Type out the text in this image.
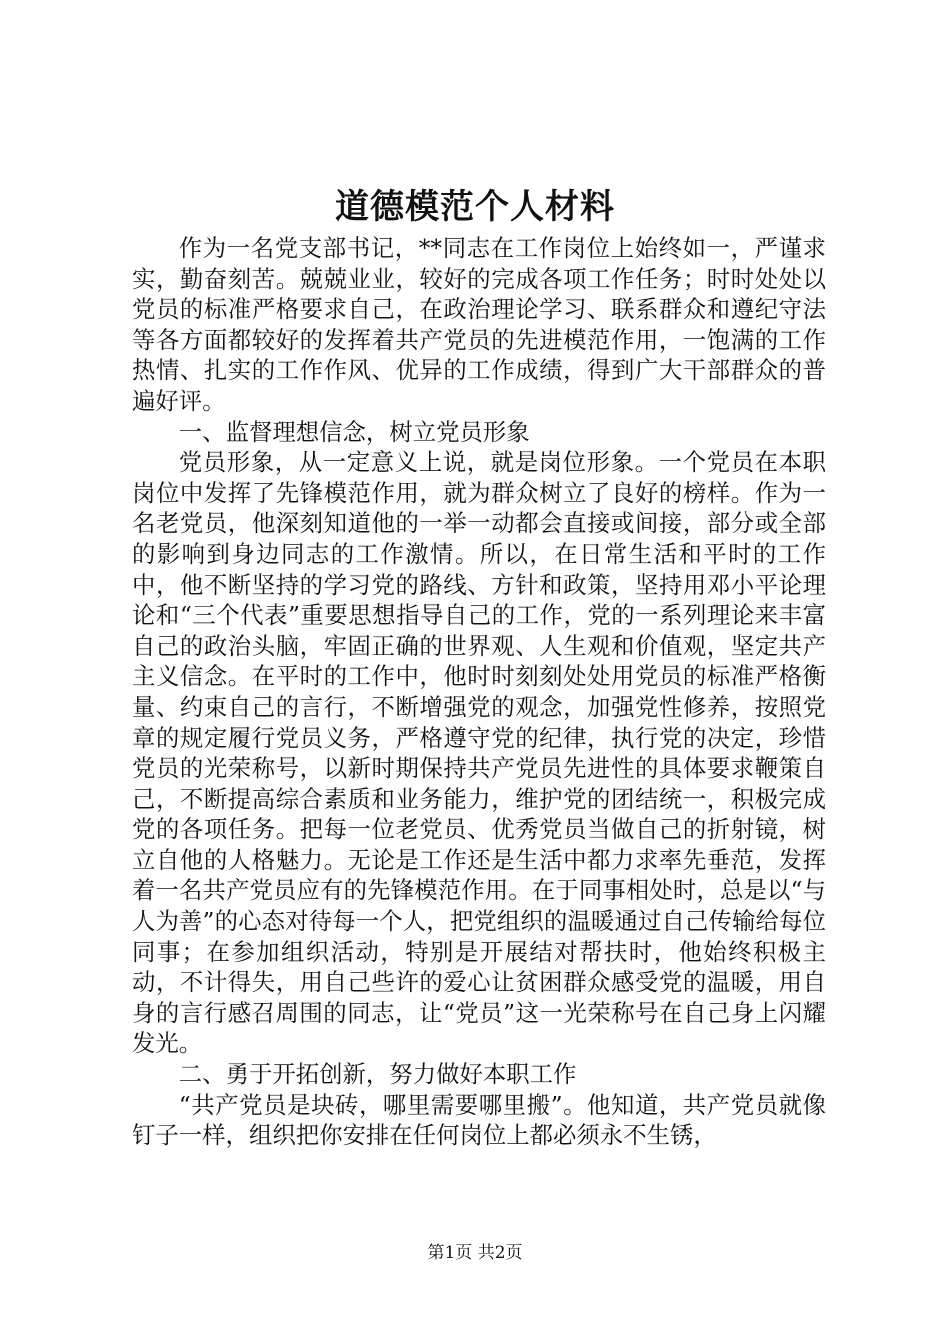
道德模范个人材料

作为一名党支部书记，**同志在工作岗位上始终如一，严谨求实，勤奋刻苦。兢兢业业，较好的完成各项工作任务；时时处处以党员的标准严格要求自己，在政治理论学习、联系群众和遵纪守法等各方面都较好的发挥着共产党员的先进模范作用，一饱满的工作热情、扎实的工作作风、优异的工作成绩，得到广大干部群众的普遍好评。

一、监督理想信念，树立党员形象

党员形象，从一定意义上说，就是岗位形象。一个党员在本职岗位中发挥了先锋模范作用，就为群众树立了良好的榜样。作为一名老党员，他深刻知道他的一举一动都会直接或间接，部分或全部的影响到身边同志的工作激情。所以，在日常生活和平时的工作中，他不断坚持的学习党的路线、方针和政策，坚持用邓小平论理论和“三个代表”重要思想指导自己的工作，党的一系列理论来丰富自己的政治头脑，牢固正确的世界观、人生观和价值观，坚定共产主义信念。在平时的工作中，他时时刻刻处处用党员的标准严格衡量、约束自己的言行，不断增强党的观念，加强党性修养，按照党章的规定履行党员义务，严格遵守党的纪律，执行党的决定，珍惜党员的光荣称号，以新时期保持共产党员先进性的具体要求鞭策自己，不断提高综合素质和业务能力，维护党的团结统一，积极完成党的各项任务。把每一位老党员、优秀党员当做自己的折射镜，树立自他的人格魅力。无论是工作还是生活中都力求率先垂范，发挥着一名共产党员应有的先锋模范作用。在于同事相处时，总是以“与人为善”的心态对待每一个人，把党组织的温暖通过自己传输给每位同事；在参加组织活动，特别是开展结对帮扶时，他始终积极主动，不计得失，用自己些许的爱心让贫困群众感受党的温暖，用自身的言行感召周围的同志，让“党员”这一光荣称号在自己身上闪耀发光。

二、勇于开拓创新，努力做好本职工作

“共产党员是块砖，哪里需要哪里搬”。他知道，共产党员就像钉子一样，组织把你安排在任何岗位上都必须永不生锈，

第1页 共2页
